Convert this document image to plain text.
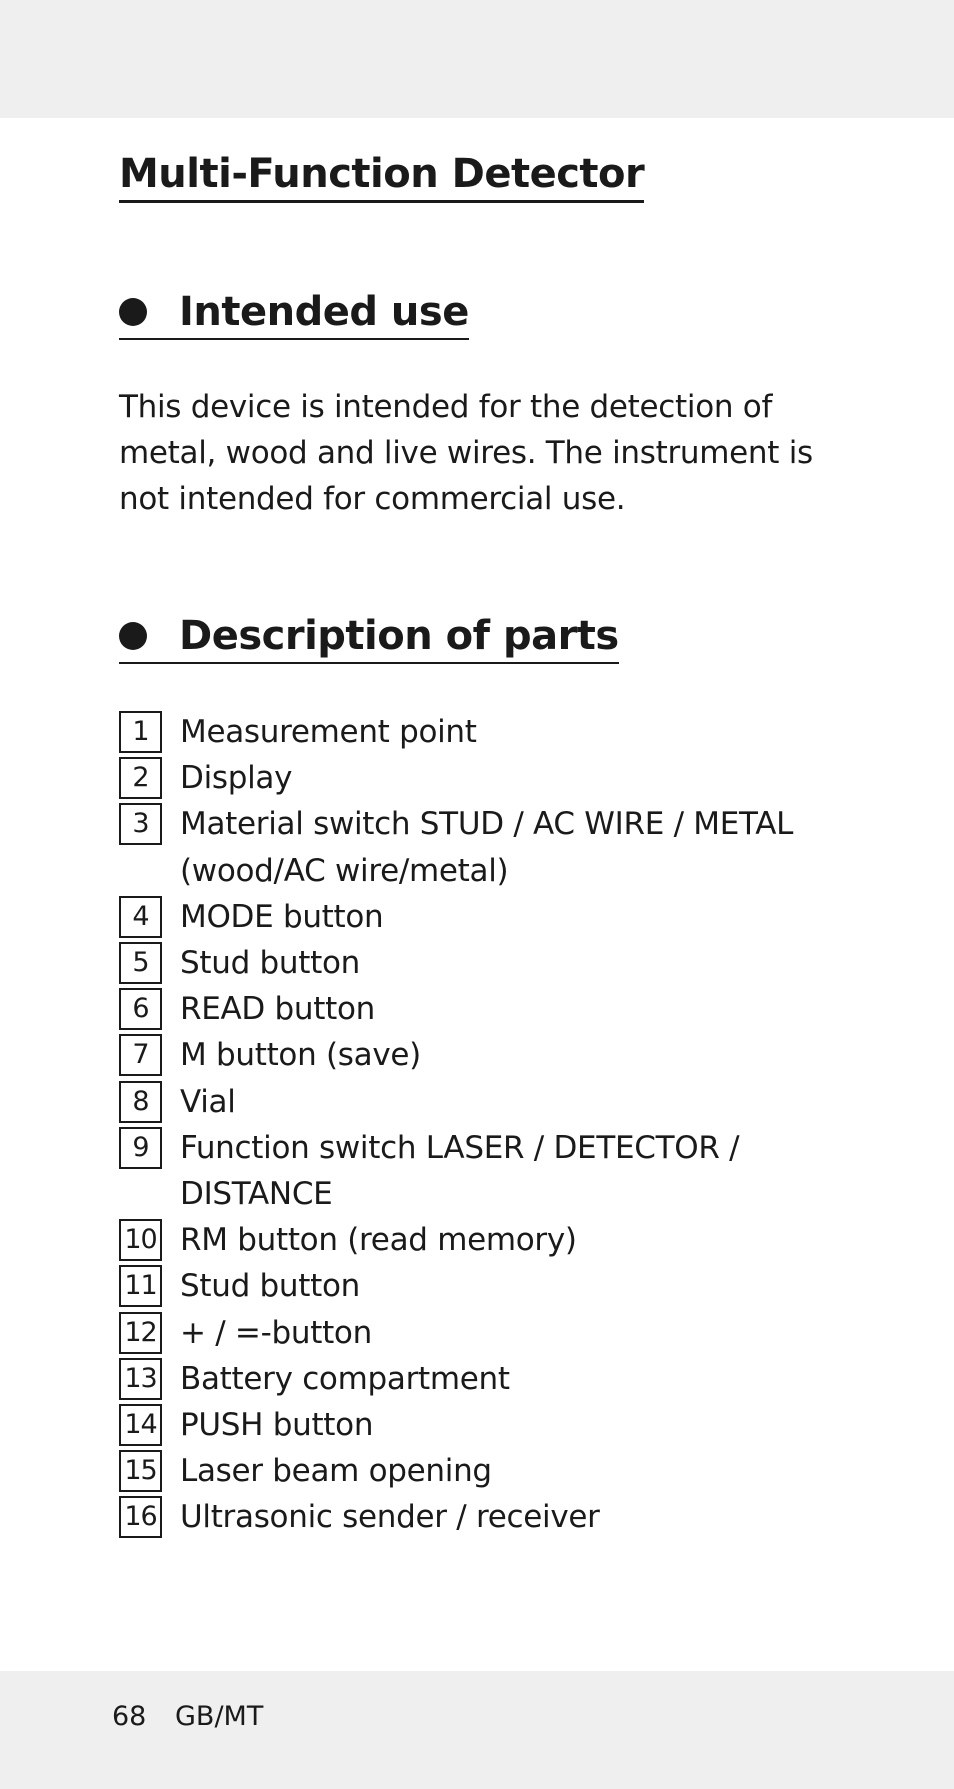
Multi-Function Detector
Intended use

This device is intended for the detection of metal, wood and live wires. The instrument is not intended for commercial use.

Description of parts
1	Measurement point
2	Display
3	Material switch STUD / AC WIRE / METAL (wood/AC wire/metal)
4	MODE button
5	Stud button
6	READ button
7	M button (save)
8	Vial
9	Function switch LASER / DETECTOR / DISTANCE
10 RM button (read memory)
11 Stud button
12 + / =-button
13 Battery compartment
14 PUSH button
15 Laser beam opening
16 Ultrasonic sender / receiver
68 GB/MT
